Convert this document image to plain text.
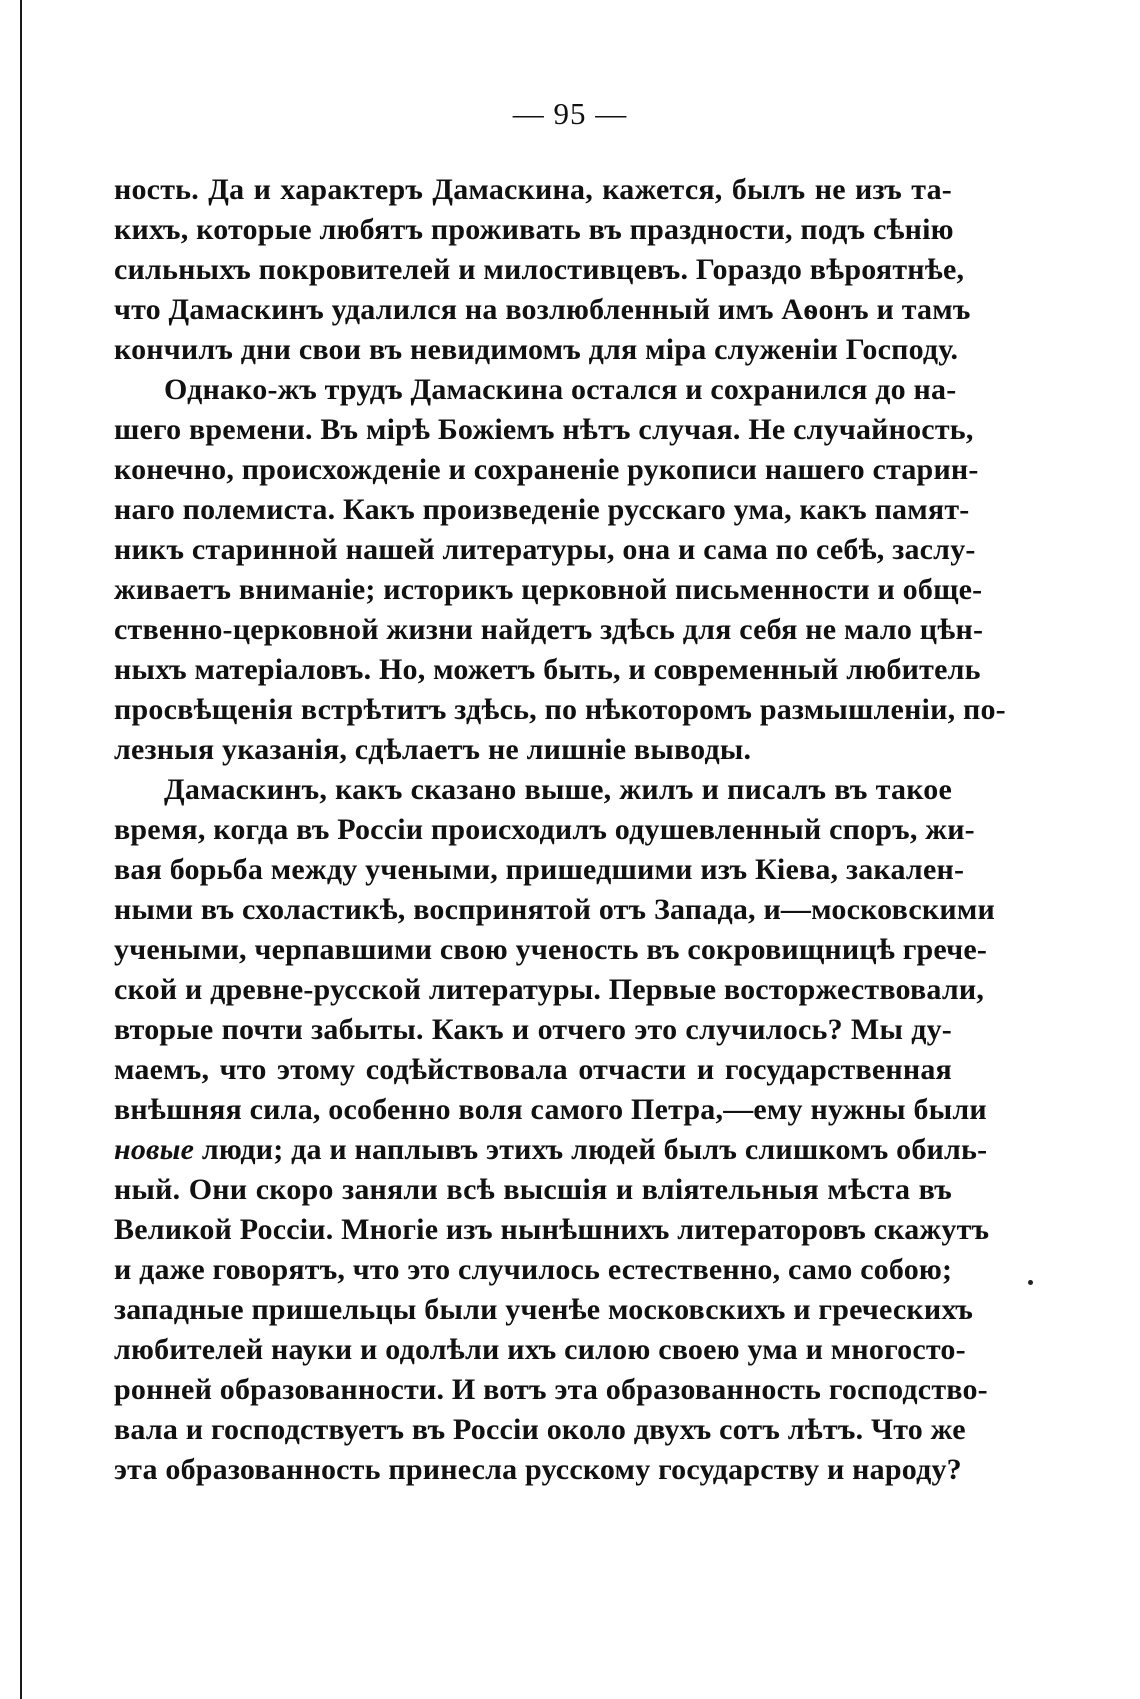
— 95 —
ность. Да и характеръ Дамаскина, кажется, былъ не изъ та-
кихъ, которые любятъ проживать въ праздности, подъ сѣнію
сильныхъ покровителей и милостивцевъ. Гораздо вѣроятнѣе,
что Дамаскинъ удалился на возлюбленный имъ Аѳонъ и тамъ
кончилъ дни свои въ невидимомъ для міра служеніи Господу.
Однако-жъ трудъ Дамаскина остался и сохранился до на-
шего времени. Въ мірѣ Божіемъ нѣтъ случая. Не случайность,
конечно, происхожденіе и сохраненіе рукописи нашего старин-
наго полемиста. Какъ произведеніе русскаго ума, какъ памят-
никъ старинной нашей литературы, она и сама по себѣ, заслу-
живаетъ вниманіе; историкъ церковной письменности и обще-
ственно-церковной жизни найдетъ здѣсь для себя не мало цѣн-
ныхъ матеріаловъ. Но, можетъ быть, и современный любитель
просвѣщенія встрѣтитъ здѣсь, по нѣкоторомъ размышленіи, по-
лезныя указанія, сдѣлаетъ не лишніе выводы.
Дамаскинъ, какъ сказано выше, жилъ и писалъ въ такое
время, когда въ Россіи происходилъ одушевленный споръ, жи-
вая борьба между учеными, пришедшими изъ Кіева, закален-
ными въ схоластикѣ, воспринятой отъ Запада, и—московскими
учеными, черпавшими свою ученость въ сокровищницѣ грече-
ской и древне-русской литературы. Первые восторжествовали,
вторые почти забыты. Какъ и отчего это случилось? Мы ду-
маемъ, что этому содѣйствовала отчасти и государственная
внѣшняя сила, особенно воля самого Петра,—ему нужны были
новые люди; да и наплывъ этихъ людей былъ слишкомъ обиль-
ный. Они скоро заняли всѣ высшія и вліятельныя мѣста въ
Великой Россіи. Многіе изъ нынѣшнихъ литераторовъ скажутъ
и даже говорятъ, что это случилось естественно, само собою;
западные пришельцы были ученѣе московскихъ и греческихъ
любителей науки и одолѣли ихъ силою своею ума и многосто-
ронней образованности. И вотъ эта образованность господство-
вала и господствуетъ въ Россіи около двухъ сотъ лѣтъ. Что же
эта образованность принесла русскому государству и народу?
